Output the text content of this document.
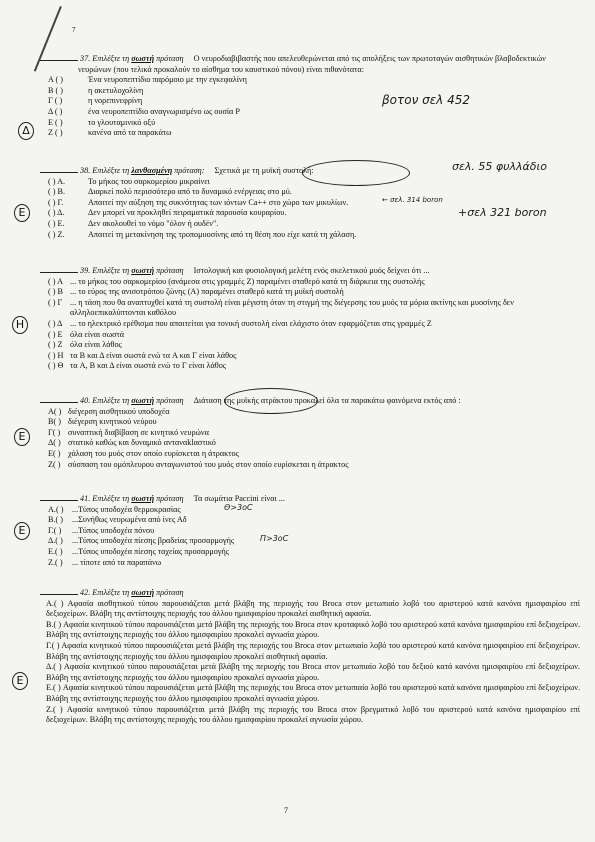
7
37. Επιλέξτε τη σωστή πρόταση Ο νευροδιαβιβαστής που απελευθερώνεται από τις απολήξεις των πρωτοταγών αισθητικών βλαβοδεκτικών νευρώνων (που τελικά προκαλούν το αίσθημα του καυστικού πόνου) είναι πιθανότατα:
A ( )	Ένα νευροπεπτίδιο παρόμοιο με την εγκεφαλίνη
B ( )	η ακετυλοχολίνη
Γ ( )	η νορεπινεφρίνη
Δ ( )	ένα νευροπεπτίδιο αναγνωρισμένο ως ουσία P
E ( )	το γλουταμινικό οξύ
Z ( )	κανένα από τα παρακάτω
βοτον σελ 452
Δ
38. Επιλέξτε τη λανθασμένη πρόταση: Σχετικά με τη μυϊκή συστολή:
( ) A.	Το μήκος του σαρκομερίου μικραίνει
( ) B.	Διαρκεί πολύ περισσότερο από το δυναμικό ενέργειας στο μύ.
( ) Γ.	Απαιτεί την αύξηση της συκνότητας των ιόντων Ca++ στο χώρο των μικυλίων.
( ) Δ.	Δεν μπορεί να προκληθεί πειραματικά παρουσία κουραρίου.
( ) Ε.	Δεν ακολουθεί το νόμο "όλον ή ουδέν".
( ) Ζ.	Απαιτεί τη μετακίνηση της τροπομυοσίνης από τη θέση που είχε κατά τη χάλαση.
σελ. 55 φυλλάδιο
← σελ. 314 boron
+σελ 321 boron
E
39. Επιλέξτε τη σωστή πρόταση Ιστολογική και φυσιολογική μελέτη ενός σκελετικού μυός δείχνει ότι ...
( ) A ... το μήκος του σαρκομερίου (ανάμεσα στις γραμμές Z) παραμένει σταθερό κατά τη διάρκεια της συστολής
( ) B ... το εύρος της ανισοτρόπου ζώνης (A) παραμένει σταθερό κατά τη μυϊκή συστολή
( ) Γ ... η τάση που θα αναπτυχθεί κατά τη συστολή είναι μέγιστη όταν τη στιγμή της διέγερσης του μυός τα μόρια ακτίνης και μυοσίνης δεν αλληλοεπικαλύπτονται καθόλου
( ) Δ ... το ηλεκτρικό ερέθισμα που απαιτείται για τονική συστολή είναι ελάχιστο όταν εφαρμόζεται στις γραμμές Z
( ) E όλα είναι σωστά
( ) Z όλα είναι λάθος
( ) H τα B και Δ είναι σωστά ενώ τα A και Γ είναι λάθος
( ) Θ τα A, B και Δ είναι σωστά ενώ το Γ είναι λάθος
H
40. Επιλέξτε τη σωστή πρόταση Διάταση της μυϊκής ατράκτου προκαλεί όλα τα παρακάτω φαινόμενα εκτός από :
A( ) διέγερση αισθητικού υποδοχέα
B( ) διέγερση κινητικού νεύρου
Γ( ) συναπτική διαβίβαση σε κινητικό νευρώνα
Δ( ) στατικό καθώς και δυναμικό ανταναklαστικό
E( ) χάλαση του μυός στον οποίο ευρίσκεται η άτρακτος
Z( ) σύσπαση του ομόπλευρου ανταγωνιστού του μυός στον οποίο ευρίσκεται η άτρακτος
E
41. Επιλέξτε τη σωστή πρόταση Τα σωμάτια Paccini είναι ...
A.( )	...Τύπος υποδοχέα θερμοκρασίας
B.( )	...Συνήθως νευρωμένα από ίνες Αδ
Γ.( )	...Τύπος υποδοχέα πόνου
Δ.( )	...Τύπος υποδοχέα πίεσης βραδείας προσαρμογής
E.( )	...Τύπος υποδοχέα πίεσης ταχείας προσαρμογής
Z.( )	... τίποτε από τα παραπάνω
Θ>3οC
Π>3οC
E
42. Επιλέξτε τη σωστή πρόταση
A.( ) Αφασία αισθητικού τύπου παρουσιάζεται μετά βλάβη της περιοχής του Broca στον μετωπιαίο λοβό του αριστερού κατά κανόνα ημισφαιρίου επί δεξιοχείρων. Βλάβη της αντίστοιχης περιοχής του άλλου ημισφαιρίου προκαλεί αισθητική αφασία.
B.( ) Αφασία κινητικού τύπου παρουσιάζεται μετά βλάβη της περιοχής του Broca στον κροταφικό λοβό του αριστερού κατά κανόνα ημισφαιρίου επί δεξιοχείρων. Βλάβη της αντίστοιχης περιοχής του άλλου ημισφαιρίου προκαλεί αγνωσία χώρου.
Γ.( ) Αφασία κινητικού τύπου παρουσιάζεται μετά βλάβη της περιοχής του Broca στον μετωπιαίο λοβό του αριστερού κατά κανόνα ημισφαιρίου επί δεξιοχείρων. Βλάβη της αντίστοιχης περιοχής του άλλου ημισφαιρίου προκαλεί αισθητική αφασία.
Δ.( ) Αφασία κινητικού τύπου παρουσιάζεται μετά βλάβη της περιοχής του Broca στον μετωπιαίο λοβό του δεξιού κατά κανόνα ημισφαιρίου επί δεξιοχείρων. Βλάβη της αντίστοιχης περιοχής του άλλου ημισφαιρίου προκαλεί αγνωσία χώρου.
E.( ) Αφασία κινητικού τύπου παρουσιάζεται μετά βλάβη της περιοχής του Broca στον μετωπιαίο λοβό του αριστερού κατά κανόνα ημισφαιρίου επί δεξιοχείρων. Βλάβη της αντίστοιχης περιοχής του άλλου ημισφαιρίου προκαλεί αγνωσία χώρου.
Z.( ) Αφασία κινητικού τύπου παρουσιάζεται μετά βλάβη της περιοχής του Broca στον βρεγματικό λοβό του αριστερού κατά κανόνα ημισφαιρίου επί δεξιοχείρων. Βλάβη της αντίστοιχης περιοχής του άλλου ημισφαιρίου προκαλεί αγνωσία χώρου.
E
7
